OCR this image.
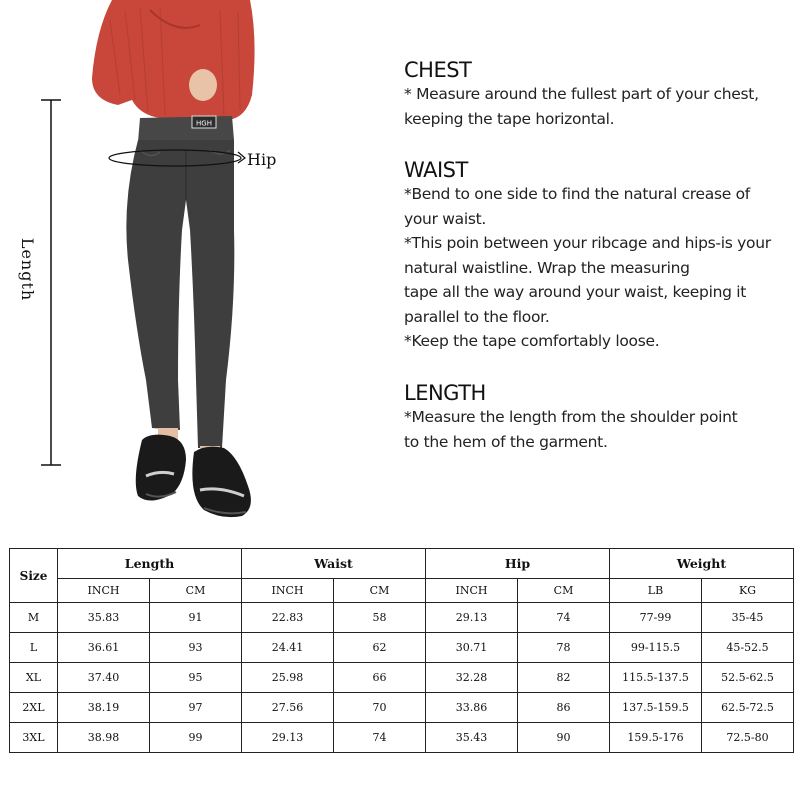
HGH
Length
Hip

CHEST

* Measure around the fullest part of your chest,

keeping the tape horizontal.

WAIST

*Bend to one side to find the natural crease of

your waist.

*This poin between your ribcage and hips-is your

natural waistline. Wrap the measuring

tape all the way around your waist, keeping it

parallel to the floor.

*Keep the tape comfortably loose.

LENGTH

*Measure the length from the shoulder point

to the hem of the garment.

Size	Length		Waist		Hip		Weight	
	INCH	CM	INCH	CM	INCH	CM	LB	KG
M	35.83	91	22.83	58	29.13	74	77-99	35-45
L	36.61	93	24.41	62	30.71	78	99-115.5	45-52.5
XL	37.40	95	25.98	66	32.28	82	115.5-137.5	52.5-62.5
2XL	38.19	97	27.56	70	33.86	86	137.5-159.5	62.5-72.5
3XL	38.98	99	29.13	74	35.43	90	159.5-176	72.5-80
